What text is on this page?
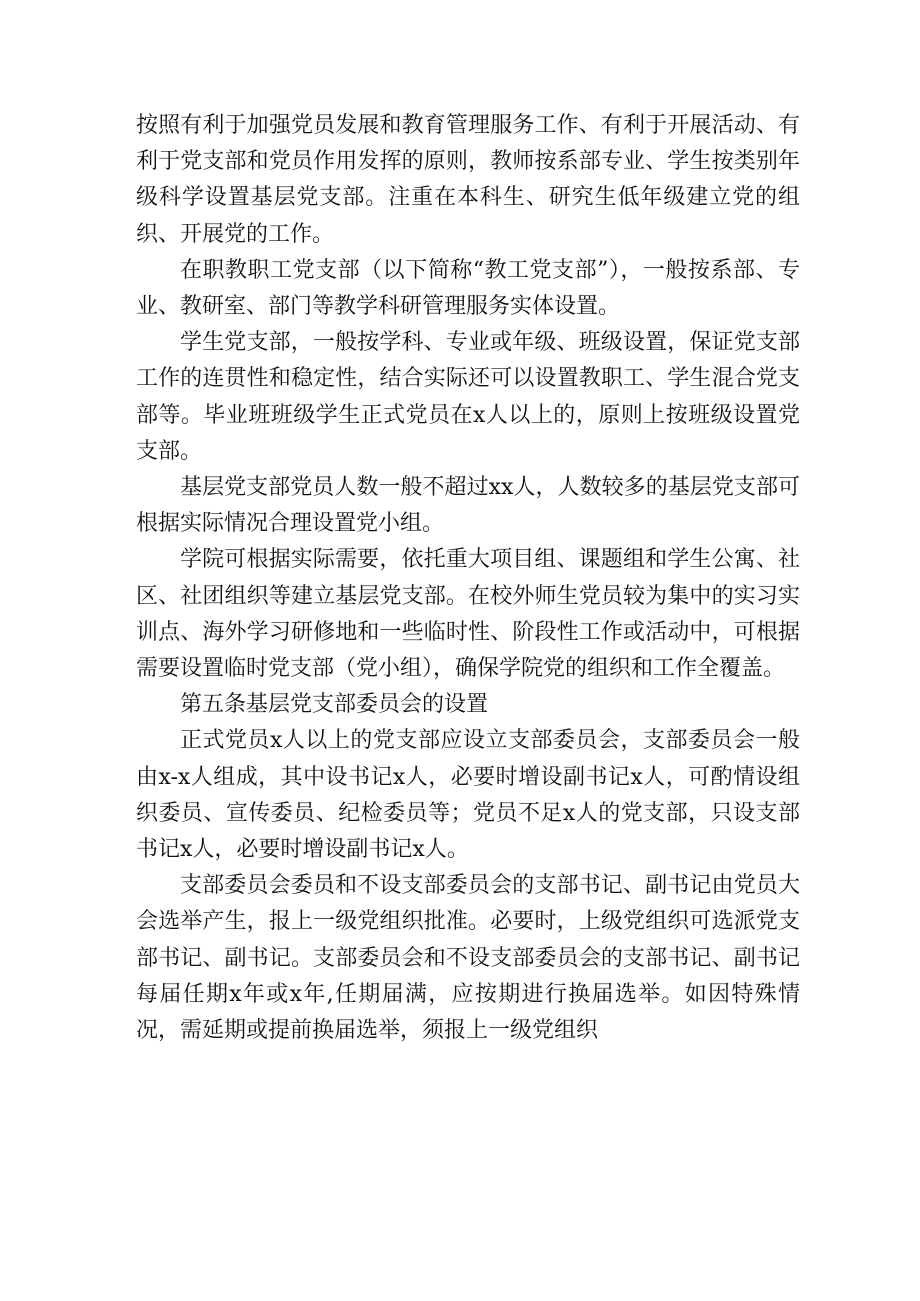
按照有利于加强党员发展和教育管理服务工作、有利于开展活动、有利于党支部和党员作用发挥的原则，教师按系部专业、学生按类别年级科学设置基层党支部。注重在本科生、研究生低年级建立党的组织、开展党的工作。

在职教职工党支部（以下简称“教工党支部”），一般按系部、专业、教研室、部门等教学科研管理服务实体设置。

学生党支部，一般按学科、专业或年级、班级设置，保证党支部工作的连贯性和稳定性，结合实际还可以设置教职工、学生混合党支部等。毕业班班级学生正式党员在x人以上的，原则上按班级设置党支部。

基层党支部党员人数一般不超过xx人，人数较多的基层党支部可根据实际情况合理设置党小组。

学院可根据实际需要，依托重大项目组、课题组和学生公寓、社区、社团组织等建立基层党支部。在校外师生党员较为集中的实习实训点、海外学习研修地和一些临时性、阶段性工作或活动中，可根据需要设置临时党支部（党小组），确保学院党的组织和工作全覆盖。

第五条基层党支部委员会的设置

正式党员x人以上的党支部应设立支部委员会，支部委员会一般由x-x人组成，其中设书记x人，必要时增设副书记x人，可酌情设组织委员、宣传委员、纪检委员等；党员不足x人的党支部，只设支部书记x人，必要时增设副书记x人。

支部委员会委员和不设支部委员会的支部书记、副书记由党员大会选举产生，报上一级党组织批准。必要时，上级党组织可选派党支部书记、副书记。支部委员会和不设支部委员会的支部书记、副书记每届任期x年或x年,任期届满，应按期进行换届选举。如因特殊情况，需延期或提前换届选举，须报上一级党组织
